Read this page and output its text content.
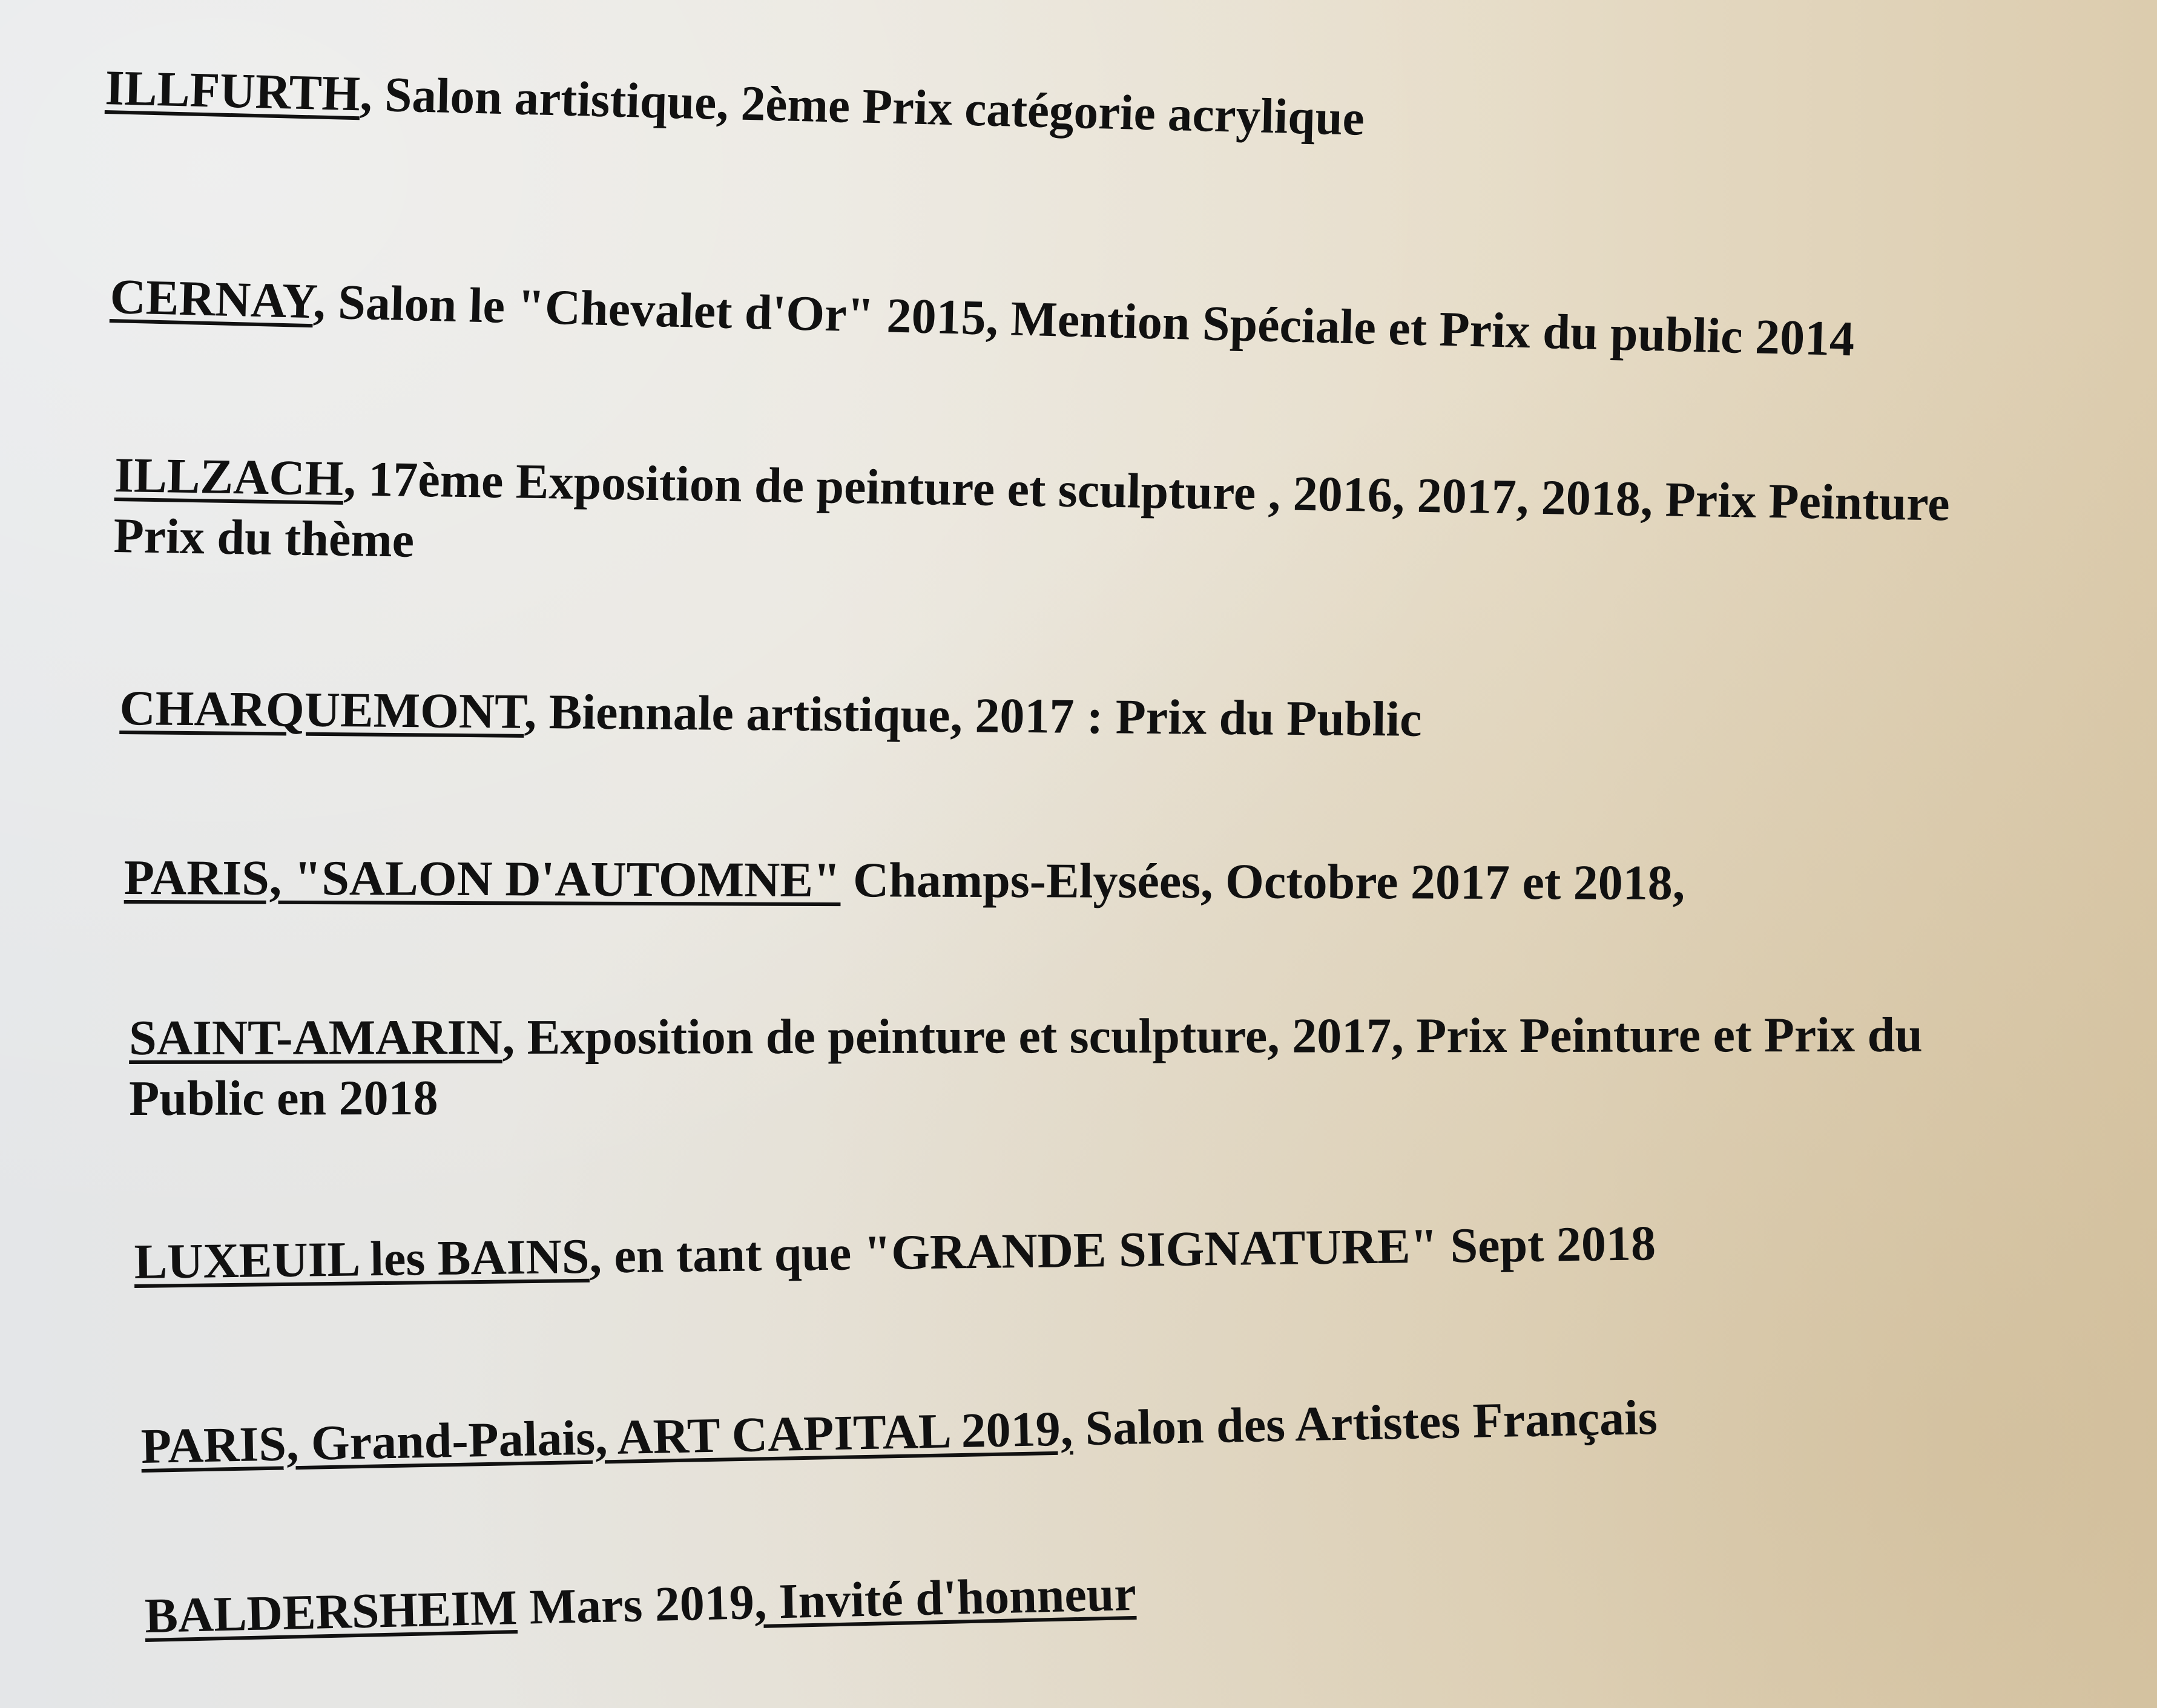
ILLFURTH, Salon artistique, 2ème Prix catégorie acrylique
CERNAY, Salon le "Chevalet d'Or" 2015, Mention Spéciale et Prix du public 2014
ILLZACH, 17ème Exposition de peinture et sculpture , 2016, 2017, 2018, Prix Peinture
Prix du thème
CHARQUEMONT, Biennale artistique, 2017 : Prix du Public
PARIS, "SALON D'AUTOMNE" Champs-Elysées, Octobre 2017 et 2018,
SAINT-AMARIN, Exposition de peinture et sculpture, 2017, Prix Peinture et Prix du
Public en 2018
LUXEUIL les BAINS, en tant que "GRANDE SIGNATURE" Sept 2018
PARIS, Grand-Palais, ART CAPITAL 2019, Salon des Artistes Français
BALDERSHEIM Mars 2019, Invité d'honneur
